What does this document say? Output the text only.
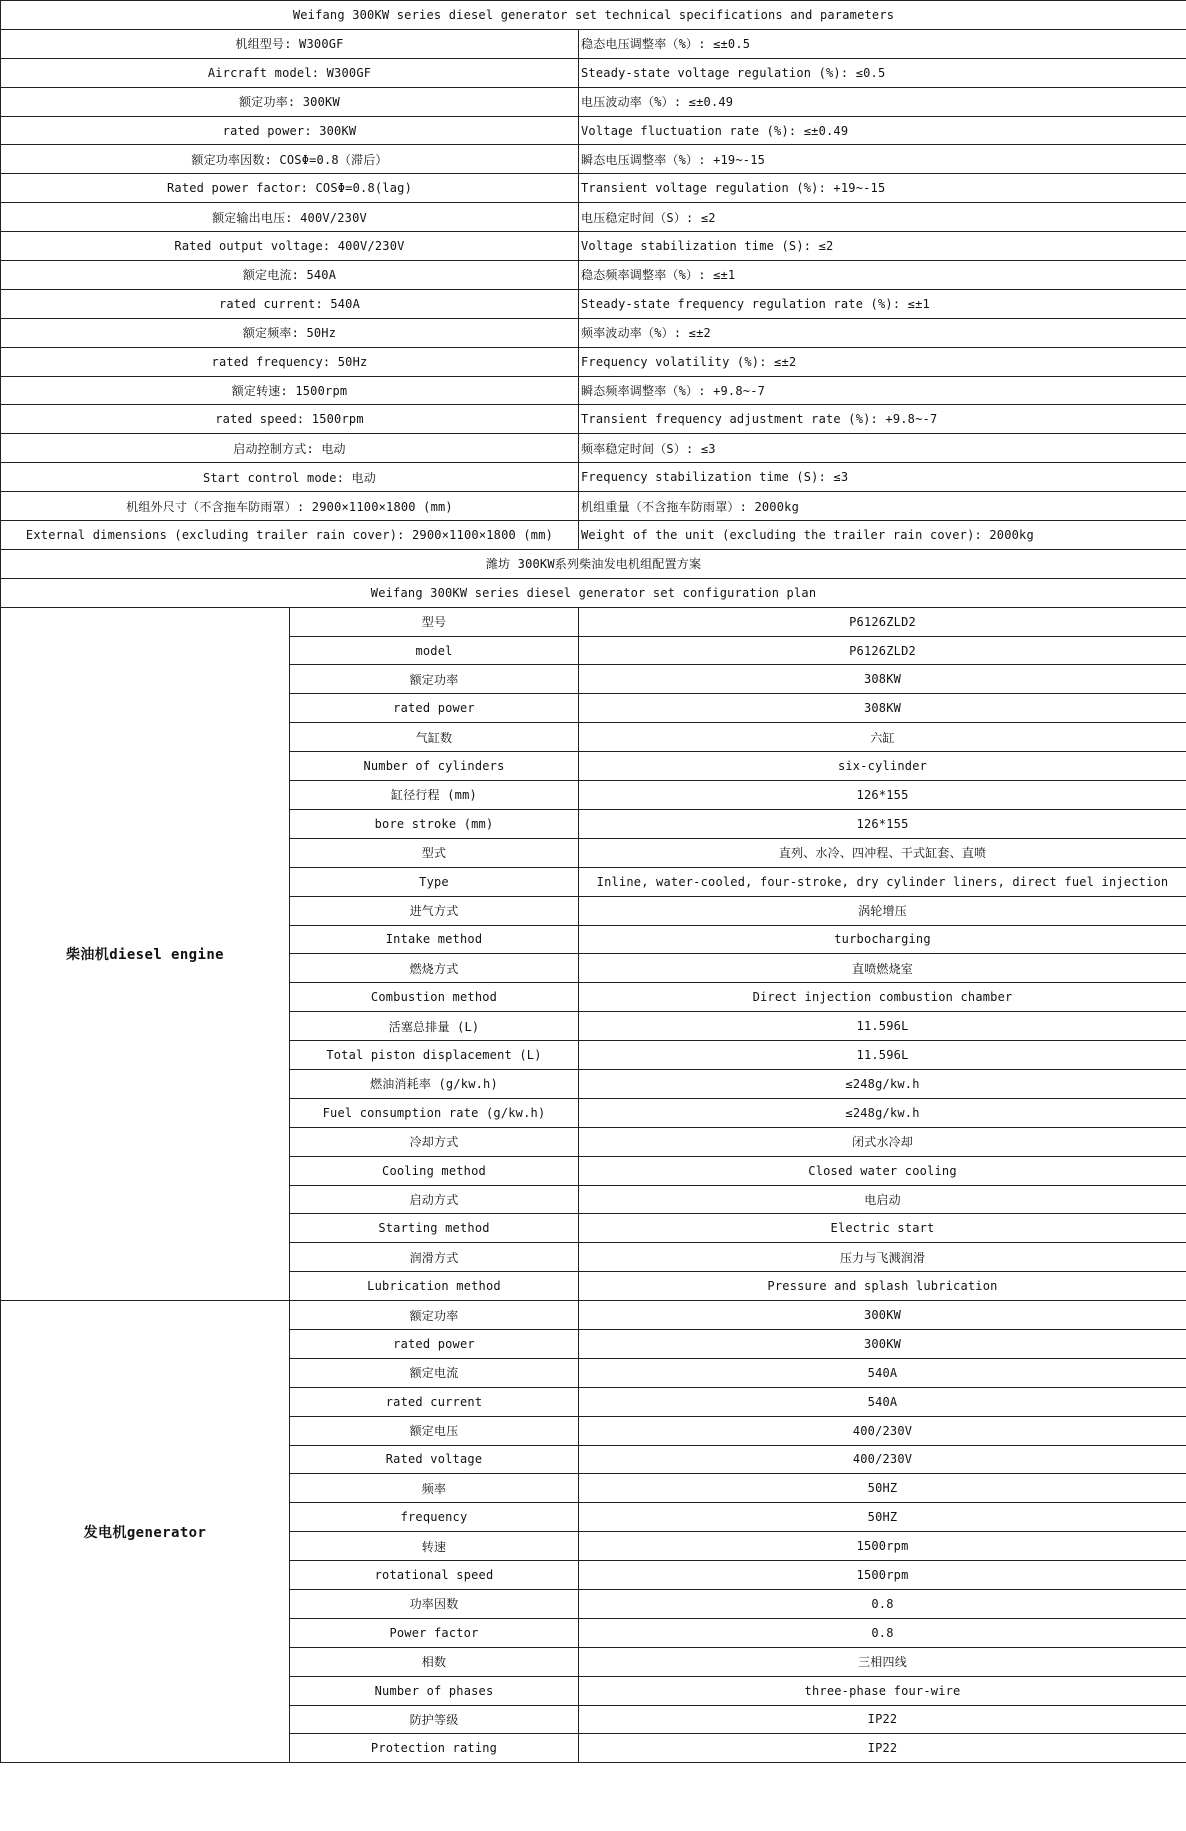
Weifang 300KW series diesel generator set technical specifications and parameters		
机组型号: W300GF		稳态电压调整率（%）: ≤±0.5
Aircraft model: W300GF		Steady-state voltage regulation (%): ≤0.5
额定功率: 300KW		电压波动率（%）: ≤±0.49
rated power: 300KW		Voltage fluctuation rate (%): ≤±0.49
额定功率因数: COSΦ=0.8（滞后）		瞬态电压调整率（%）: +19~-15
Rated power factor: COSΦ=0.8(lag)		Transient voltage regulation (%): +19~-15
额定输出电压: 400V/230V		电压稳定时间（S）: ≤2
Rated output voltage: 400V/230V		Voltage stabilization time (S): ≤2
额定电流: 540A		稳态频率调整率（%）: ≤±1
rated current: 540A		Steady-state frequency regulation rate (%): ≤±1
额定频率: 50Hz		频率波动率（%）: ≤±2
rated frequency: 50Hz		Frequency volatility (%): ≤±2
额定转速: 1500rpm		瞬态频率调整率（%）: +9.8~-7
rated speed: 1500rpm		Transient frequency adjustment rate (%): +9.8~-7
启动控制方式: 电动		频率稳定时间（S）: ≤3
Start control mode: 电动		Frequency stabilization time (S): ≤3
机组外尺寸（不含拖车防雨罩）: 2900×1100×1800 (mm)		机组重量（不含拖车防雨罩）: 2000kg
External dimensions (excluding trailer rain cover): 2900×1100×1800 (mm)		Weight of the unit (excluding the trailer rain cover): 2000kg
潍坊 300KW系列柴油发电机组配置方案		
Weifang 300KW series diesel generator set configuration plan		
柴油机diesel engine	型号	P6126ZLD2
	model	P6126ZLD2
	额定功率	308KW
	rated power	308KW
	气缸数	六缸
	Number of cylinders	six-cylinder
	缸径行程 (mm)	126*155
	bore stroke (mm)	126*155
	型式	直列、水冷、四冲程、干式缸套、直喷
	Type	Inline, water-cooled, four-stroke, dry cylinder liners, direct fuel injection
	进气方式	涡轮增压
	Intake method	turbocharging
	燃烧方式	直喷燃烧室
	Combustion method	Direct injection combustion chamber
	活塞总排量 (L)	11.596L
	Total piston displacement (L)	11.596L
	燃油消耗率 (g/kw.h)	≤248g/kw.h
	Fuel consumption rate (g/kw.h)	≤248g/kw.h
	冷却方式	闭式水冷却
	Cooling method	Closed water cooling
	启动方式	电启动
	Starting method	Electric start
	润滑方式	压力与飞溅润滑
	Lubrication method	Pressure and splash lubrication
发电机generator	额定功率	300KW
	rated power	300KW
	额定电流	540A
	rated current	540A
	额定电压	400/230V
	Rated voltage	400/230V
	频率	50HZ
	frequency	50HZ
	转速	1500rpm
	rotational speed	1500rpm
	功率因数	0.8
	Power factor	0.8
	相数	三相四线
	Number of phases	three-phase four-wire
	防护等级	IP22
	Protection rating	IP22
